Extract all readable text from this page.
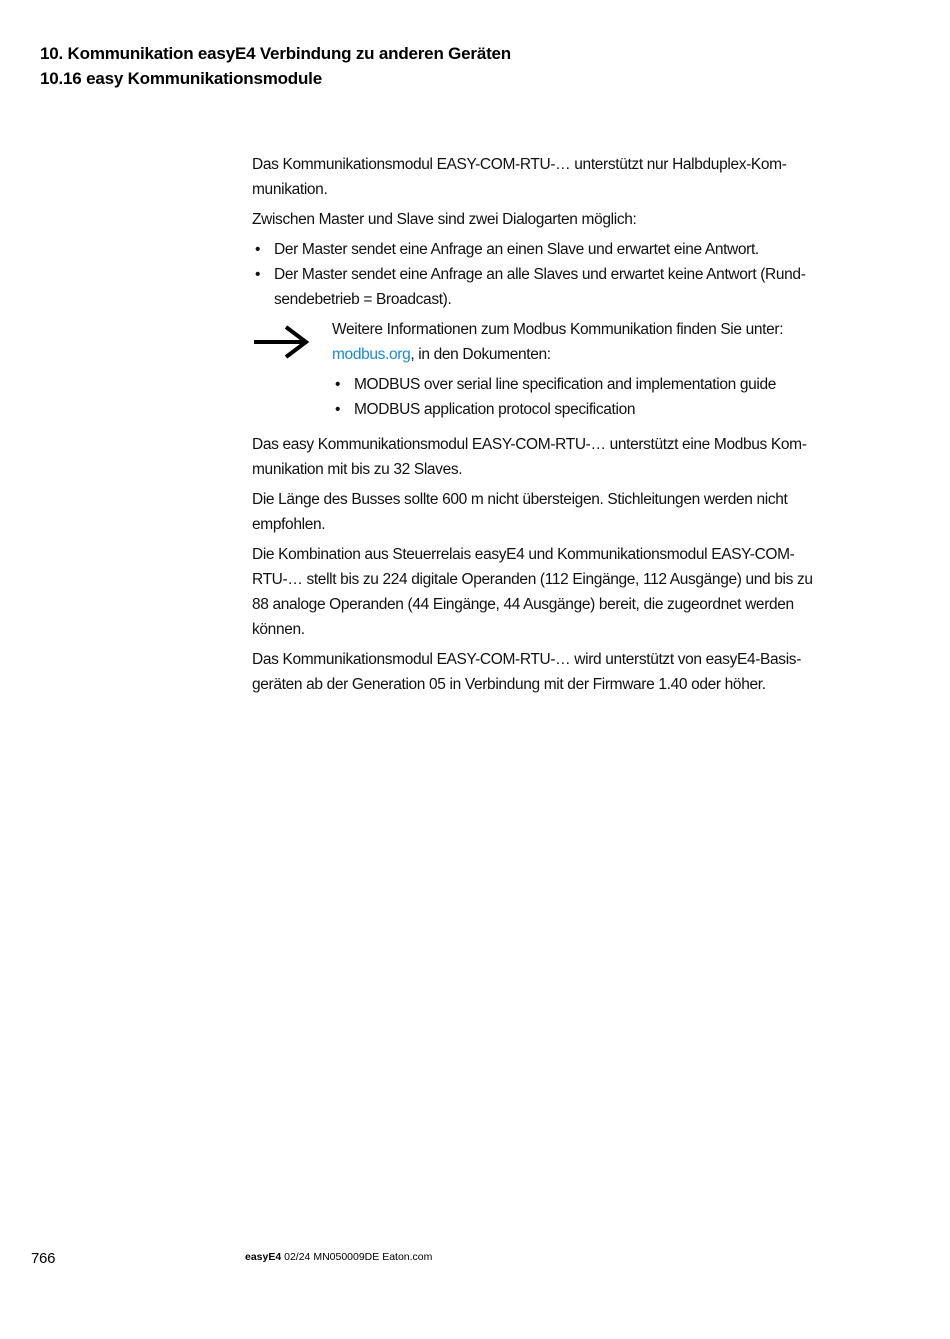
10. Kommunikation easyE4 Verbindung zu anderen Geräten
10.16 easy Kommunikationsmodule

Das Kommunikationsmodul EASY-COM-RTU-… unterstützt nur Halbduplex-Kom-
munikation.

Zwischen Master und Slave sind zwei Dialogarten möglich:

• Der Master sendet eine Anfrage an einen Slave und erwartet eine Antwort.
• Der Master sendet eine Anfrage an alle Slaves und erwartet keine Antwort (Rund-
sendebetrieb = Broadcast).

Weitere Informationen zum Modbus Kommunikation finden Sie unter:
modbus.org, in den Dokumenten:

• MODBUS over serial line specification and implementation guide
• MODBUS application protocol specification

Das easy Kommunikationsmodul EASY-COM-RTU-… unterstützt eine Modbus Kom-
munikation mit bis zu 32 Slaves.

Die Länge des Busses sollte 600 m nicht übersteigen. Stichleitungen werden nicht
empfohlen.

Die Kombination aus Steuerrelais easyE4 und Kommunikationsmodul EASY-COM-
RTU-… stellt bis zu 224 digitale Operanden (112 Eingänge, 112 Ausgänge) und bis zu
88 analoge Operanden (44 Eingänge, 44 Ausgänge) bereit, die zugeordnet werden
können.

Das Kommunikationsmodul EASY-COM-RTU-… wird unterstützt von easyE4-Basis-
geräten ab der Generation 05 in Verbindung mit der Firmware 1.40 oder höher.

766	easyE4 02/24 MN050009DE Eaton.com
